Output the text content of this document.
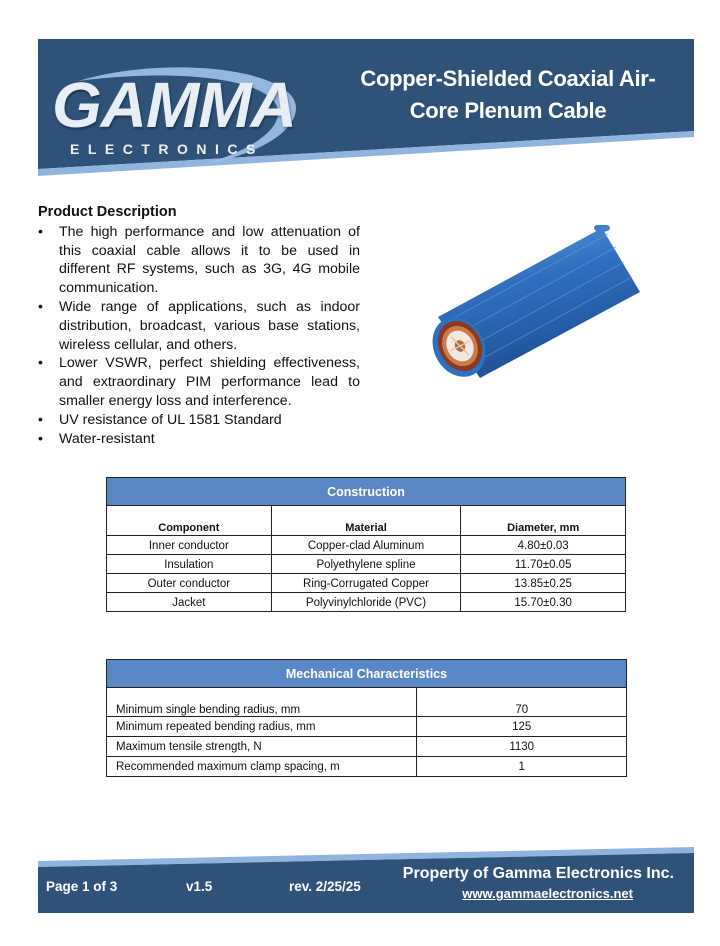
GAMMA
ELECTRONICS
Copper-Shielded Coaxial Air-
Core Plenum Cable
Product Description
•	The high performance and low attenuation of this coaxial cable allows it to be used in different RF systems, such as 3G, 4G mobile communication.
•	Wide range of applications, such as indoor distribution, broadcast, various base stations, wireless cellular, and others.
•	Lower VSWR, perfect shielding effectiveness, and extraordinary PIM performance lead to smaller energy loss and interference.
•	UV resistance of UL 1581 Standard
•	Water-resistant
Construction		
Component	Material	Diameter, mm
Inner conductor	Copper-clad Aluminum	4.80±0.03
Insulation	Polyethylene spline	11.70±0.05
Outer conductor	Ring-Corrugated Copper	13.85±0.25
Jacket	Polyvinylchloride (PVC)	15.70±0.30
Mechanical Characteristics	
Minimum single bending radius, mm	70
Minimum repeated bending radius, mm	125
Maximum tensile strength, N	1130
Recommended maximum clamp spacing, m	1
Page 1 of 3	v1.5	rev. 2/25/25
Property of Gamma Electronics Inc.
www.gammaelectronics.net
